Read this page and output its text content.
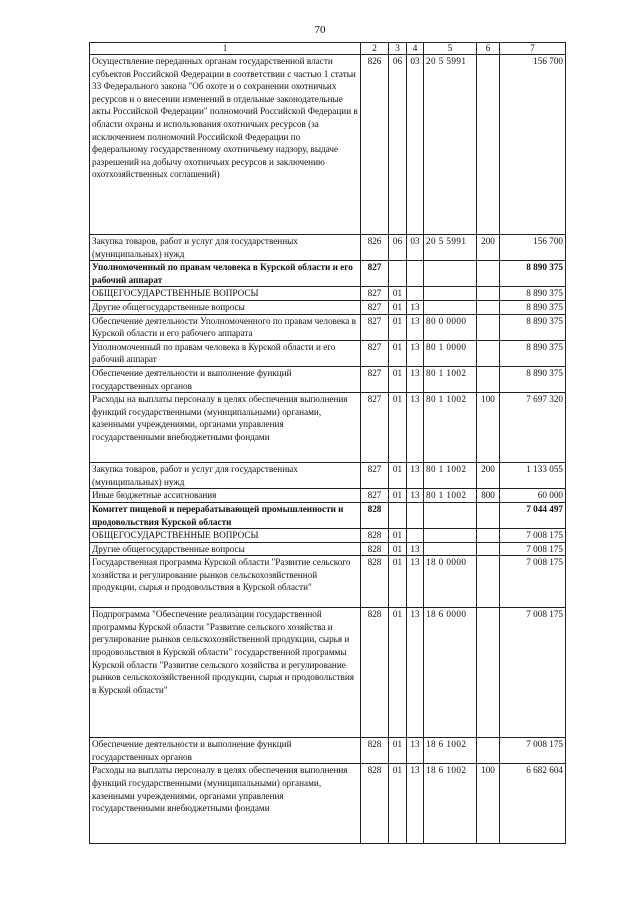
70
1	2	3	4	5	6	7
Осуществление переданных органам государственной власти субъектов Российской Федерации в соответствии с частью 1 статьи 33 Федерального закона "Об охоте и о сохранении охотничьих ресурсов и о внесении изменений в отдельные законодательные акты Российской Федерации" полномочий Российской Федерации в области охраны и использования охотничьих ресурсов (за исключением полномочий Российской Федерации по федеральному государственному охотничьему надзору, выдаче разрешений на добычу охотничьих ресурсов и заключению охотхозяйственных соглашений)	826	06	03	20 5 5991		156 700
Закупка товаров, работ и услуг для государственных (муниципальных) нужд	826	06	03	20 5 5991	200	156 700
Уполномоченный по правам человека в Курской области и его рабочий аппарат	827					8 890 375
ОБЩЕГОСУДАРСТВЕННЫЕ ВОПРОСЫ	827	01				8 890 375
Другие общегосударственные вопросы	827	01	13			8 890 375
Обеспечение деятельности Уполномоченного по правам человека в Курской области и его рабочего аппарата	827	01	13	80 0 0000		8 890 375
Уполномоченный по правам человека в Курской области и его рабочий аппарат	827	01	13	80 1 0000		8 890 375
Обеспечение деятельности и выполнение функций государственных органов	827	01	13	80 1 1002		8 890 375
Расходы на выплаты персоналу в целях обеспечения выполнения функций государственными (муниципальными) органами, казенными учреждениями, органами управления государственными внебюджетными фондами	827	01	13	80 1 1002	100	7 697 320
Закупка товаров, работ и услуг для государственных (муниципальных) нужд	827	01	13	80 1 1002	200	1 133 055
Иные бюджетные ассигнования	827	01	13	80 1 1002	800	60 000
Комитет пищевой и перерабатывающей промышленности и продовольствия Курской области	828					7 044 497
ОБЩЕГОСУДАРСТВЕННЫЕ ВОПРОСЫ	828	01				7 008 175
Другие общегосударственные вопросы	828	01	13			7 008 175
Государственная программа Курской области "Развитие сельского хозяйства и регулирование рынков сельскохозяйственной продукции, сырья и продовольствия в Курской области"	828	01	13	18 0 0000		7 008 175
Подпрограмма "Обеспечение реализации государственной программы Курской области "Развитие сельского хозяйства и регулирование рынков сельскохозяйственной продукции, сырья и продовольствия в Курской области" государственной программы Курской области "Развитие сельского хозяйства и регулирование рынков сельскохозяйственной продукции, сырья и продовольствия в Курской области"	828	01	13	18 6 0000		7 008 175
Обеспечение деятельности и выполнение функций государственных органов	828	01	13	18 6 1002		7 008 175
Расходы на выплаты персоналу в целях обеспечения выполнения функций государственными (муниципальными) органами, казенными учреждениями, органами управления государственными внебюджетными фондами	828	01	13	18 6 1002	100	6 682 604
